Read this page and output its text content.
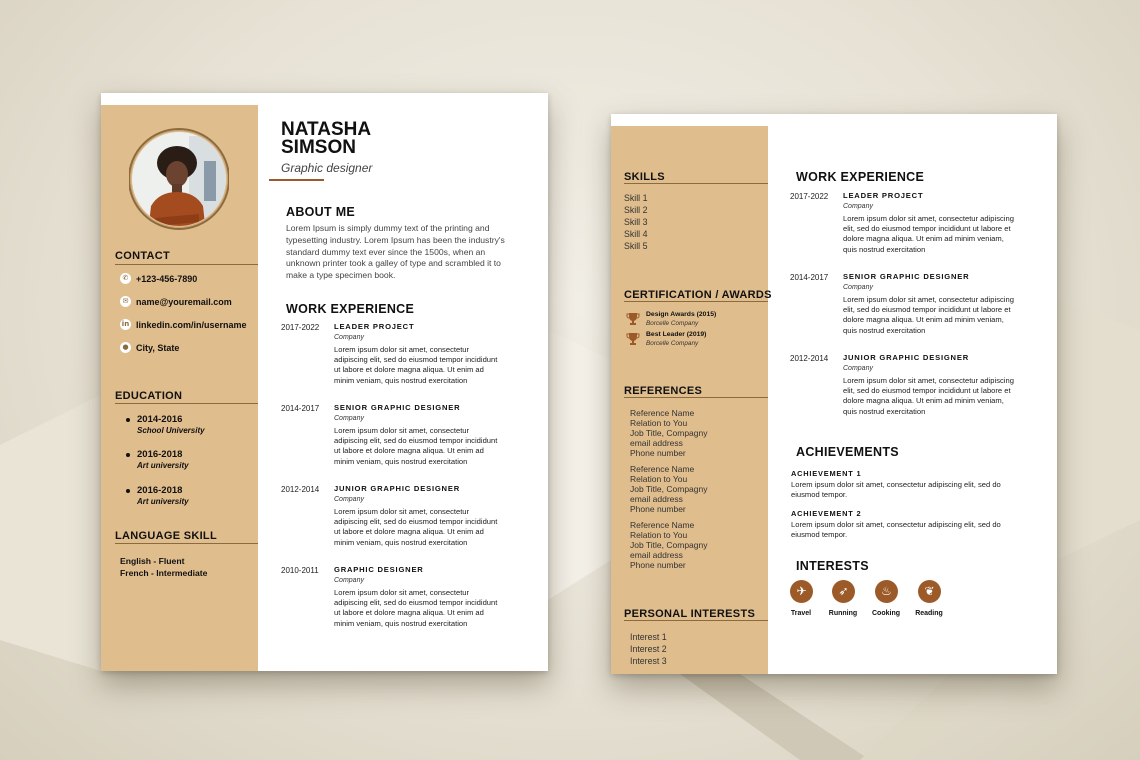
CONTACT
✆ +123-456-7890
✉ name@youremail.com
in linkedin.com/in/username
● City, State
EDUCATION
2014-2016
School University
2016-2018
Art university
2016-2018
Art university
LANGUAGE SKILL
English - Fluent
French - Intermediate
NATASHA
SIMSON
Graphic designer
ABOUT ME
Lorem Ipsum is simply dummy text of the printing and typesetting industry. Lorem Ipsum has been the industry's standard dummy text ever since the 1500s, when an unknown printer took a galley of type and scrambled it to make a type specimen book.
WORK EXPERIENCE
2017-2022 LEADER PROJECT
Company
Lorem ipsum dolor sit amet, consectetur adipiscing elit, sed do eiusmod tempor incididunt ut labore et dolore magna aliqua. Ut enim ad minim veniam, quis nostrud exercitation
2014-2017 SENIOR GRAPHIC DESIGNER
Company
Lorem ipsum dolor sit amet, consectetur adipiscing elit, sed do eiusmod tempor incididunt ut labore et dolore magna aliqua. Ut enim ad minim veniam, quis nostrud exercitation
2012-2014 JUNIOR GRAPHIC DESIGNER
Company
Lorem ipsum dolor sit amet, consectetur adipiscing elit, sed do eiusmod tempor incididunt ut labore et dolore magna aliqua. Ut enim ad minim veniam, quis nostrud exercitation
2010-2011 GRAPHIC DESIGNER
Company
Lorem ipsum dolor sit amet, consectetur adipiscing elit, sed do eiusmod tempor incididunt ut labore et dolore magna aliqua. Ut enim ad minim veniam, quis nostrud exercitation
SKILLS
Skill 1
Skill 2
Skill 3
Skill 4
Skill 5
CERTIFICATION / AWARDS
Design Awards (2015)
Borcelle Company
Best Leader (2019)
Borcelle Company
REFERENCES
Reference Name
Relation to You
Job Title, Compagny
email address
Phone number
Reference Name
Relation to You
Job Title, Compagny
email address
Phone number
Reference Name
Relation to You
Job Title, Compagny
email address
Phone number
PERSONAL INTERESTS
Interest 1
Interest 2
Interest 3
WORK EXPERIENCE
2017-2022 LEADER PROJECT
Company
Lorem ipsum dolor sit amet, consectetur adipiscing elit, sed do eiusmod tempor incididunt ut labore et dolore magna aliqua. Ut enim ad minim veniam, quis nostrud exercitation
2014-2017 SENIOR GRAPHIC DESIGNER
Company
Lorem ipsum dolor sit amet, consectetur adipiscing elit, sed do eiusmod tempor incididunt ut labore et dolore magna aliqua. Ut enim ad minim veniam, quis nostrud exercitation
2012-2014 JUNIOR GRAPHIC DESIGNER
Company
Lorem ipsum dolor sit amet, consectetur adipiscing elit, sed do eiusmod tempor incididunt ut labore et dolore magna aliqua. Ut enim ad minim veniam, quis nostrud exercitation
ACHIEVEMENTS
ACHIEVEMENT 1
Lorem ipsum dolor sit amet, consectetur adipiscing elit, sed do eiusmod tempor.
ACHIEVEMENT 2
Lorem ipsum dolor sit amet, consectetur adipiscing elit, sed do eiusmod tempor.
INTERESTS
✈
Travel
➶
Running
♨
Cooking
❦
Reading
